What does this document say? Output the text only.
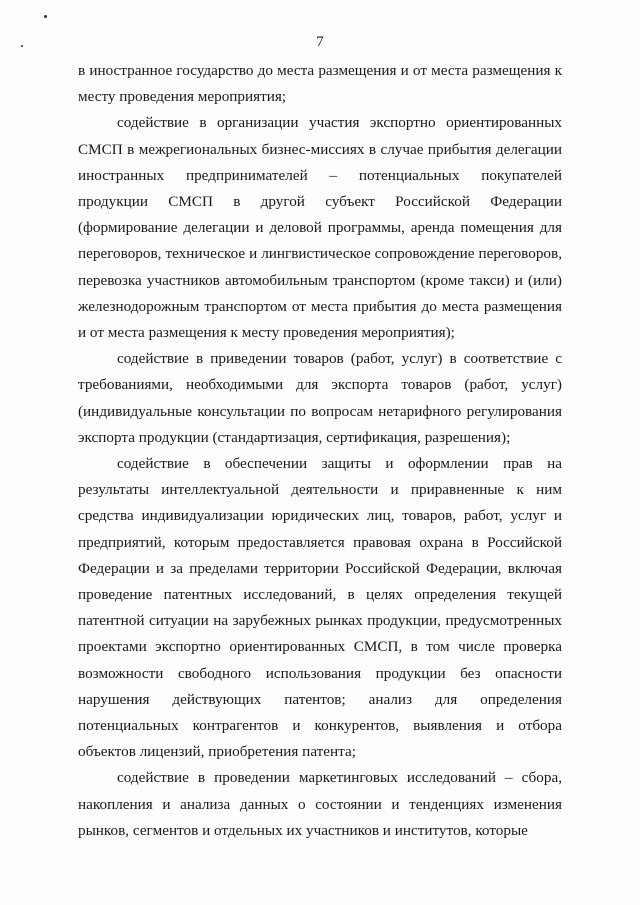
7

в иностранное государство до места размещения и от места размещения к месту проведения мероприятия;

содействие в организации участия экспортно ориентированных СМСП в межрегиональных бизнес-миссиях в случае прибытия делегации иностранных предпринимателей – потенциальных покупателей продукции СМСП в другой субъект Российской Федерации (формирование делегации и деловой программы, аренда помещения для переговоров, техническое и лингвистическое сопровождение переговоров, перевозка участников автомобильным транспортом (кроме такси) и (или) железнодорожным транспортом от места прибытия до места размещения и от места размещения к месту проведения мероприятия);

содействие в приведении товаров (работ, услуг) в соответствие с требованиями, необходимыми для экспорта товаров (работ, услуг) (индивидуальные консультации по вопросам нетарифного регулирования экспорта продукции (стандартизация, сертификация, разрешения);

содействие в обеспечении защиты и оформлении прав на результаты интеллектуальной деятельности и приравненные к ним средства индивидуализации юридических лиц, товаров, работ, услуг и предприятий, которым предоставляется правовая охрана в Российской Федерации и за пределами территории Российской Федерации, включая проведение патентных исследований, в целях определения текущей патентной ситуации на зарубежных рынках продукции, предусмотренных проектами экспортно ориентированных СМСП, в том числе проверка возможности свободного использования продукции без опасности нарушения действующих патентов; анализ для определения потенциальных контрагентов и конкурентов, выявления и отбора объектов лицензий, приобретения патента;

содействие в проведении маркетинговых исследований – сбора, накопления и анализа данных о состоянии и тенденциях изменения рынков, сегментов и отдельных их участников и институтов, которые
